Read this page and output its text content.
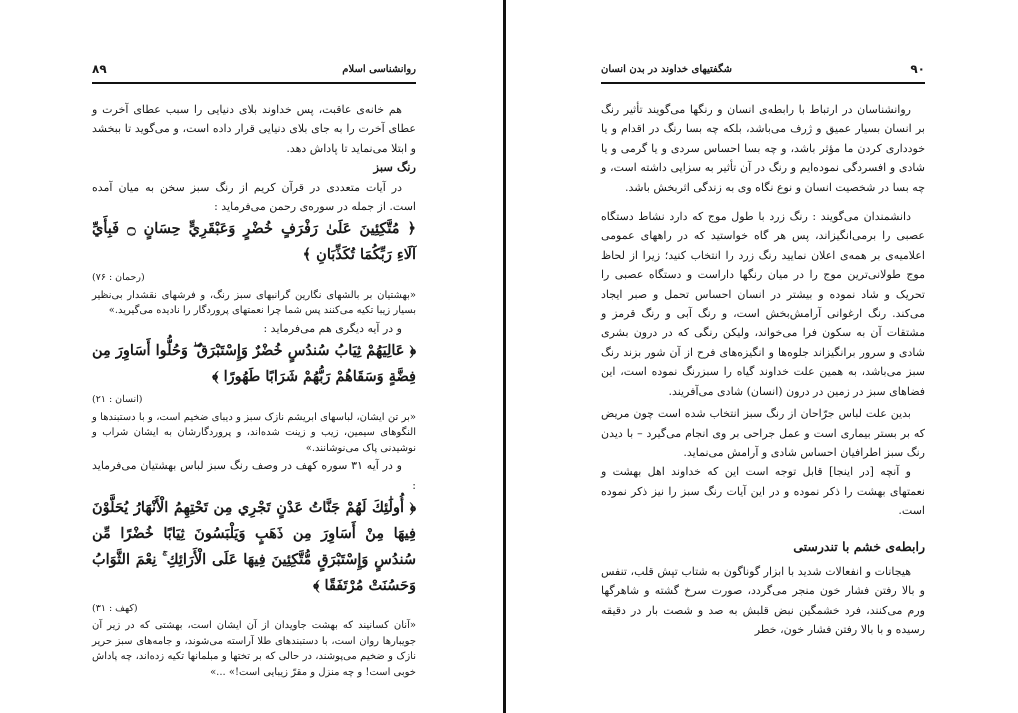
روانشناسی اسلام
۸۹

هم خانه‌ی عاقبت، پس خداوند بلای دنیایی را سبب عطای آخرت و عطای آخرت را به جای بلای دنیایی قرار داده است، و می‌گوید تا ببخشد و ابتلا می‌نماید تا پاداش دهد.

رنگ سبز

در آیات متعددی در قرآن کریم از رنگ سبز سخن به میان آمده است. از جمله در سوره‌ی رحمن می‌فرماید :

﴿ مُتَّكِئِينَ عَلَىٰ رَفْرَفٍ خُضْرٍ وَعَبْقَرِيٍّ حِسَانٍ ۝ فَبِأَيِّ آلَاءِ رَبِّكُمَا تُكَذِّبَانِ ﴾

(رحمان : ۷۶)

«بهشتیان بر بالشهای نگارین گرانبهای سبز رنگ، و فرشهای نقشدار بی‌نظیر بسیار زیبا تکیه می‌کنند پس شما چرا نعمتهای پروردگار را نادیده می‌گیرید.»

و در آیه دیگری هم می‌فرماید :

﴿ عَالِيَهُمْ ثِيَابُ سُندُسٍ خُضْرٌ وَإِسْتَبْرَقٌ ۖ وَحُلُّوا أَسَاوِرَ مِن فِضَّةٍ وَسَقَاهُمْ رَبُّهُمْ شَرَابًا طَهُورًا ﴾

(انسان : ۲۱)

«بر تن ایشان، لباسهای ابریشم نازک سبز و دیبای ضخیم است، و با دستبندها و النگوهای سیمین، زیب و زینت شده‌اند، و پروردگارشان به ایشان شراب و نوشیدنی پاک می‌نوشانند.»

و در آیه ۳۱ سوره کهف در وصف رنگ سبز لباس بهشتیان می‌فرماید :

﴿ أُولَٰئِكَ لَهُمْ جَنَّاتُ عَدْنٍ تَجْرِي مِن تَحْتِهِمُ الْأَنْهَارُ يُحَلَّوْنَ فِيهَا مِنْ أَسَاوِرَ مِن ذَهَبٍ وَيَلْبَسُونَ ثِيَابًا خُضْرًا مِّن سُندُسٍ وَإِسْتَبْرَقٍ مُّتَّكِئِينَ فِيهَا عَلَى الْأَرَائِكِ ۚ نِعْمَ الثَّوَابُ وَحَسُنَتْ مُرْتَفَقًا ﴾

(کهف : ۳۱)

«آنان کسانیند که بهشت جاویدان از آن ایشان است، بهشتی که در زیر آن جویبارها روان است، با دستبندهای طلا آراسته می‌شوند، و جامه‌های سبز حریر نازک و ضخیم می‌پوشند، در حالی که بر تختها و مبلمانها تکیه زده‌اند، چه پاداش خوبی است! و چه منزل و مقرّ زیبایی است!» ...»

شگفتیهای خداوند در بدن انسان	۹۰

روانشناسان در ارتباط با رابطه‌ی انسان و رنگها می‌گویند تأثیر رنگ بر انسان بسیار عمیق و ژرف می‌باشد، بلکه چه بسا رنگ در اقدام و یا خودداری کردن ما مؤثر باشد، و چه بسا احساس سردی و یا گرمی و یا شادی و افسردگی نموده‌ایم و رنگ در آن تأثیر به سزایی داشته است، و چه بسا در شخصیت انسان و نوع نگاه وی به زندگی اثربخش باشد.

دانشمندان می‌گویند : رنگ زرد با طول موج که دارد نشاط دستگاه عصبی را برمی‌انگیزاند، پس هر گاه خواستید که در راههای عمومی اعلامیه‌ی بر همه‌ی اعلان نمایید رنگ زرد را انتخاب کنید؛ زیرا از لحاظ موج طولانی‌ترین موج را در میان رنگها داراست و دستگاه عصبی را تحریک و شاد نموده و بیشتر در انسان احساس تحمل و صبر ایجاد می‌کند. رنگ ارغوانی آرامش‌بخش است، و رنگ آبی و رنگ قرمز و مشتقات آن به سکون فرا می‌خواند، ولیکن رنگی که در درون بشری شادی و سرور برانگیزاند جلوه‌ها و انگیزه‌های فرح از آن شور بزند رنگ سبز می‌باشد، به همین علت خداوند گیاه را سبزرنگ نموده است، این فضاهای سبز در زمین در درون (انسان) شادی می‌آفریند.

بدین علت لباس جرّاحان از رنگ سبز انتخاب شده است چون مریض که بر بستر بیماری است و عمل جراحی بر وی انجام می‌گیرد – با دیدن رنگ سبز اطرافیان احساس شادی و آرامش می‌نماید.

و آنچه [در اینجا] قابل توجه است این که خداوند اهل بهشت و نعمتهای بهشت را ذکر نموده و در این آیات رنگ سبز را نیز ذکر نموده است.

رابطه‌ی خشم با تندرستی

هیجانات و انفعالات شدید با ابزار گوناگون به شتاب تپش قلب، تنفس و بالا رفتن فشار خون منجر می‌گردد، صورت سرخ گشته و شاهرگها ورم می‌کنند، فرد خشمگین نبض قلبش به صد و شصت بار در دقیقه رسیده و با بالا رفتن فشار خون، خطر
